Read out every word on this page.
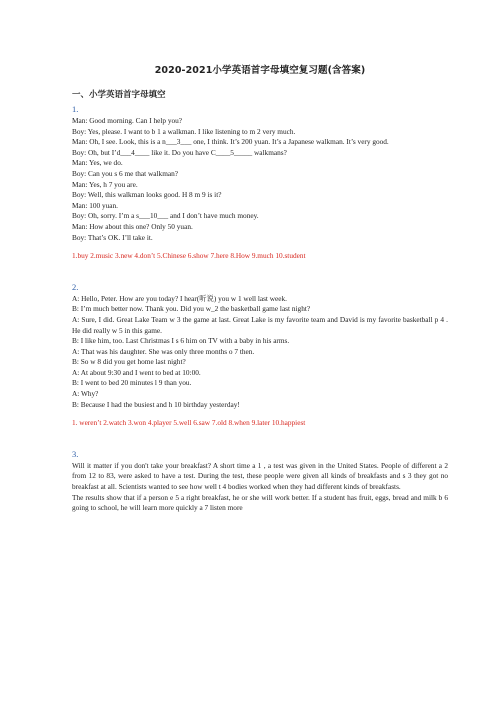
2020-2021小学英语首字母填空复习题(含答案)
一、小学英语首字母填空
1.

Man: Good morning. Can I help you?

Boy: Yes, please. I want to b 1 a walkman. I like listening to m 2 very much.

Man: Oh, I see. Look, this is a n___3___ one, I think. It’s 200 yuan. It’s a Japanese walkman. It’s very good.

Boy: Oh, but I’d___4____ like it. Do you have C____5_____ walkmans?

Man: Yes, we do.

Boy: Can you s 6 me that walkman?

Man: Yes, h 7 you are.

Boy: Well, this walkman looks good. H 8 m 9 is it?

Man: 100 yuan.

Boy: Oh, sorry. I’m a s___10___ and I don’t have much money.

Man: How about this one? Only 50 yuan.

Boy: That’s OK. I’ll take it.

1.buy 2.music 3.new 4.don’t 5.Chinese 6.show 7.here 8.How 9.much 10.student

2.

A: Hello, Peter. How are you today? I hear(听说) you w 1 well last week.

B: I’m much better now. Thank you. Did you w_2 the basketball game last night?

A: Sure, I did. Great Lake Team w 3 the game at last. Great Lake is my favorite team and David is my favorite basketball p 4 . He did really w 5 in this game.

B: I like him, too. Last Christmas I s 6 him on TV with a baby in his arms.

A: That was his daughter. She was only three months o 7 then.

B: So w 8 did you get home last night?

A: At about 9:30 and I went to bed at 10:00.

B: I went to bed 20 minutes l 9 than you.

A: Why?

B: Because I had the busiest and h 10 birthday yesterday!

1. weren’t 2.watch 3.won 4.player 5.well 6.saw 7.old 8.when 9.later 10.happiest

3.

Will it matter if you don't take your breakfast? A short time a 1 , a test was given in the United States. People of different a 2 from 12 to 83, were asked to have a test. During the test, these people were given all kinds of breakfasts and s 3 they got no breakfast at all. Scientists wanted to see how well t 4 bodies worked when they had different kinds of breakfasts.

The results show that if a person e 5 a right breakfast, he or she will work better. If a student has fruit, eggs, bread and milk b 6 going to school, he will learn more quickly a 7 listen more
